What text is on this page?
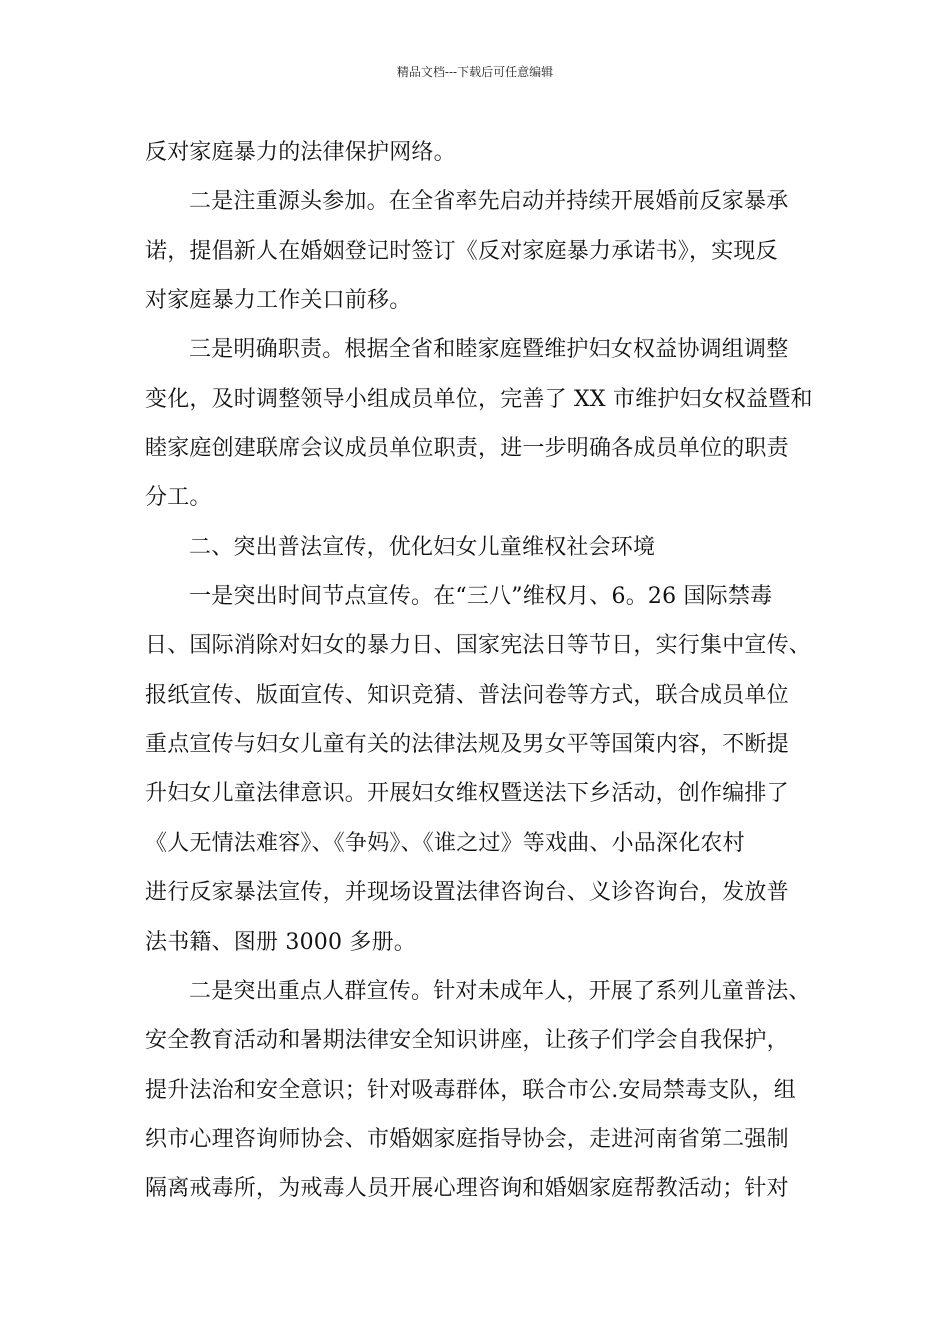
精品文档---下载后可任意编辑
反对家庭暴力的法律保护网络。
二是注重源头参加。在全省率先启动并持续开展婚前反家暴承
诺，提倡新人在婚姻登记时签订《反对家庭暴力承诺书》，实现反
对家庭暴力工作关口前移。
三是明确职责。根据全省和睦家庭暨维护妇女权益协调组调整
变化，及时调整领导小组成员单位，完善了 XX 市维护妇女权益暨和
睦家庭创建联席会议成员单位职责，进一步明确各成员单位的职责
分工。
二、突出普法宣传，优化妇女儿童维权社会环境
一是突出时间节点宣传。在“三八”维权月、6。26 国际禁毒
日、国际消除对妇女的暴力日、国家宪法日等节日，实行集中宣传、
报纸宣传、版面宣传、知识竞猜、普法问卷等方式，联合成员单位
重点宣传与妇女儿童有关的法律法规及男女平等国策内容，不断提
升妇女儿童法律意识。开展妇女维权暨送法下乡活动，创作编排了
《人无情法难容》、《争妈》、《谁之过》等戏曲、小品深化农村
进行反家暴法宣传，并现场设置法律咨询台、义诊咨询台，发放普
法书籍、图册 3000 多册。
二是突出重点人群宣传。针对未成年人，开展了系列儿童普法、
安全教育活动和暑期法律安全知识讲座，让孩子们学会自我保护，
提升法治和安全意识；针对吸毒群体，联合市公.安局禁毒支队，组
织市心理咨询师协会、市婚姻家庭指导协会，走进河南省第二强制
隔离戒毒所，为戒毒人员开展心理咨询和婚姻家庭帮教活动；针对
